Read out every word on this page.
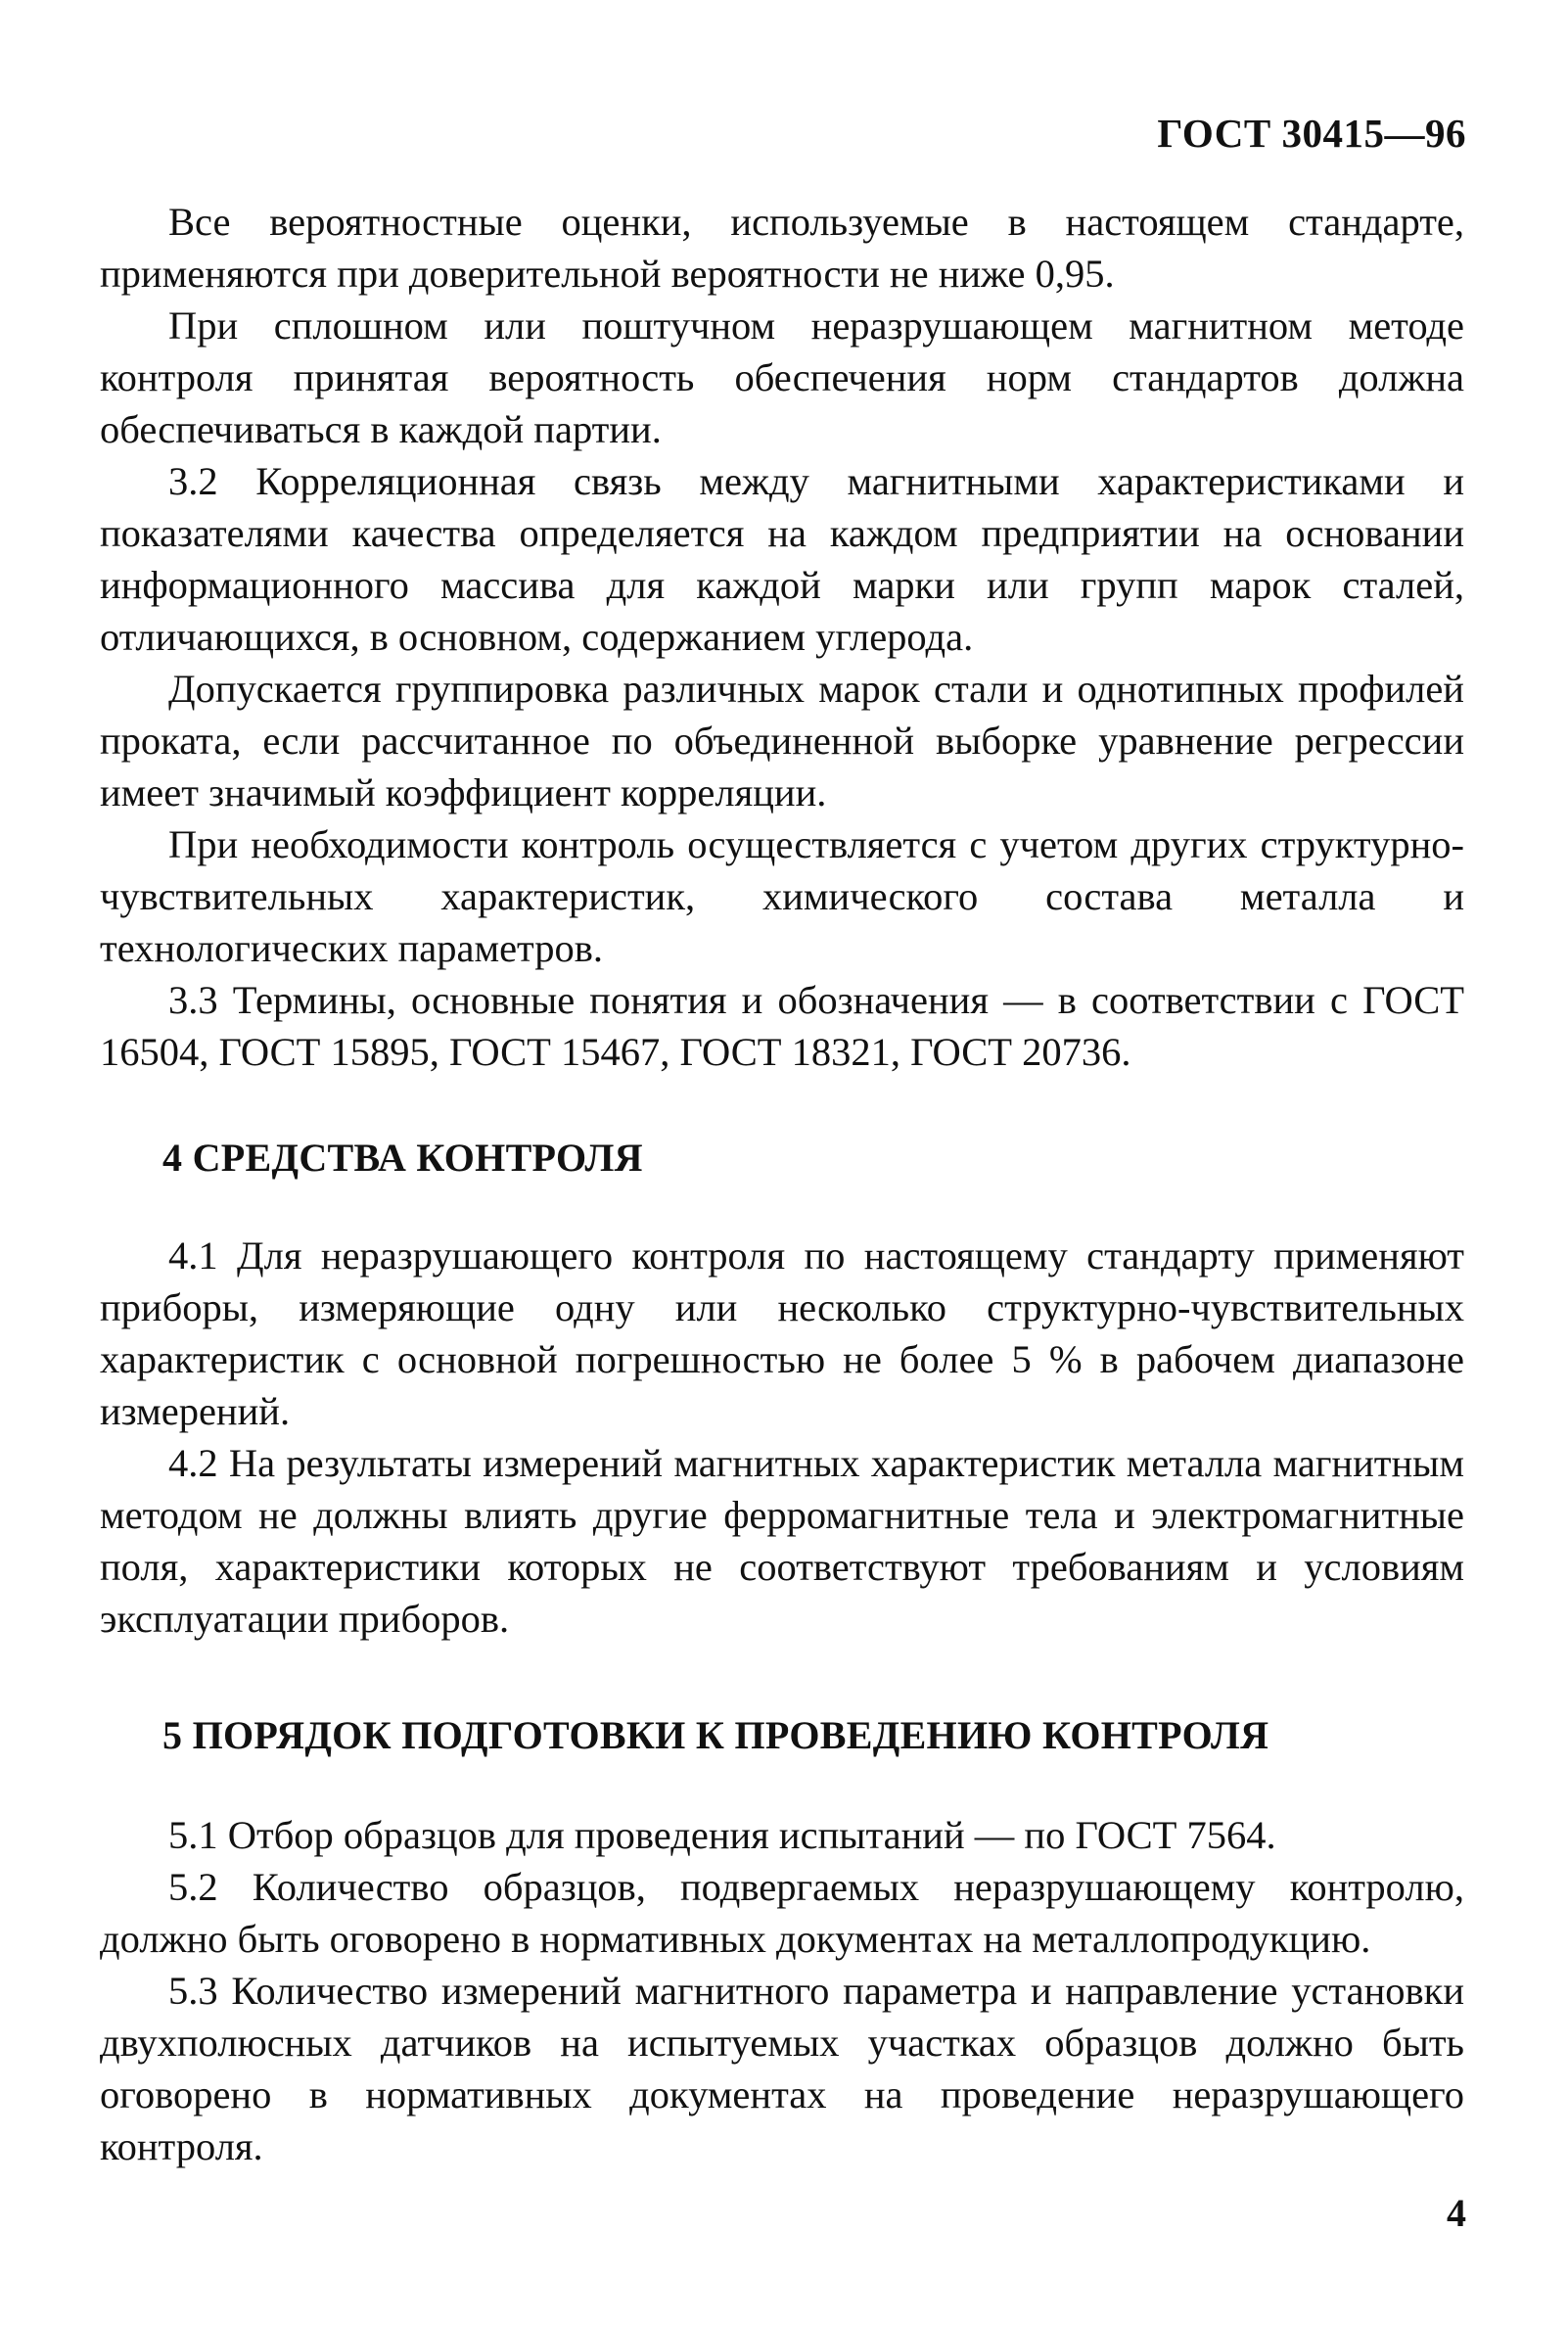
ГОСТ 30415—96

Все вероятностные оценки, используемые в настоящем стандарте, применяются при доверительной вероятности не ниже 0,95.

При сплошном или поштучном неразрушающем магнитном методе контроля принятая вероятность обеспечения норм стандартов должна обеспечиваться в каждой партии.

3.2 Корреляционная связь между магнитными характеристиками и показателями качества определяется на каждом предприятии на основании информационного массива для каждой марки или групп марок сталей, отличающихся, в основном, содержанием углерода.

Допускается группировка различных марок стали и однотипных профилей проката, если рассчитанное по объединенной выборке уравнение регрессии имеет значимый коэффициент корреляции.

При необходимости контроль осуществляется с учетом других структурно-чувствительных характеристик, химического состава металла и технологических параметров.

3.3 Термины, основные понятия и обозначения — в соответствии с ГОСТ 16504, ГОСТ 15895, ГОСТ 15467, ГОСТ 18321, ГОСТ 20736.

4 СРЕДСТВА КОНТРОЛЯ

4.1 Для неразрушающего контроля по настоящему стандарту применяют приборы, измеряющие одну или несколько структурно-чувствительных характеристик с основной погрешностью не более 5 % в рабочем диапазоне измерений.

4.2 На результаты измерений магнитных характеристик металла магнитным методом не должны влиять другие ферромагнитные тела и электромагнитные поля, характеристики которых не соответствуют требованиям и условиям эксплуатации приборов.

5 ПОРЯДОК ПОДГОТОВКИ К ПРОВЕДЕНИЮ КОНТРОЛЯ

5.1 Отбор образцов для проведения испытаний — по ГОСТ 7564.

5.2 Количество образцов, подвергаемых неразрушающему контролю, должно быть оговорено в нормативных документах на металлопродукцию.

5.3 Количество измерений магнитного параметра и направление установки двухполюсных датчиков на испытуемых участках образцов должно быть оговорено в нормативных документах на проведение неразрушающего контроля.

4
